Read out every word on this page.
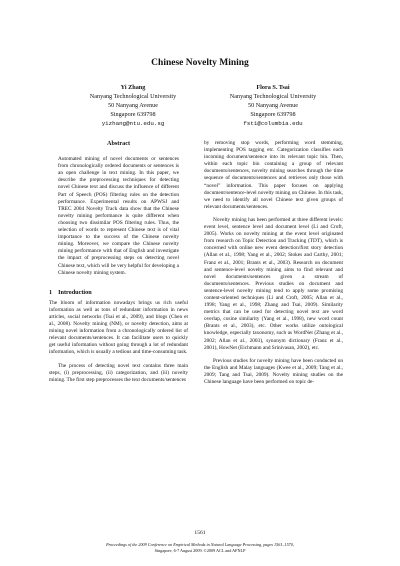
Chinese Novelty Mining
Yi Zhang
Nanyang Technological University
50 Nanyang Avenue
Singapore 639798
yizhang@ntu.edu.sg
Flora S. Tsai
Nanyang Technological University
50 Nanyang Avenue
Singapore 639798
fst1@columbia.edu
Abstract

Automated mining of novel documents or sentences from chronologically ordered documents or sentences is an open challenge in text mining. In this paper, we describe the preprocessing techniques for detecting novel Chinese text and discuss the influence of different Part of Speech (POS) filtering rules on the detection performance. Experimental results on APWSJ and TREC 2004 Novelty Track data show that the Chinese novelty mining performance is quite different when choosing two dissimilar POS filtering rules. Thus, the selection of words to represent Chinese text is of vital importance to the success of the Chinese novelty mining. Moreover, we compare the Chinese novelty mining performance with that of English and investigate the impact of preprocessing steps on detecting novel Chinese text, which will be very helpful for developing a Chinese novelty mining system.

1 Introduction

The bloom of information nowadays brings us rich useful information as well as tons of redundant information in news articles, social networks (Tsai et al., 2009), and blogs (Chen et al., 2008). Novelty mining (NM), or novelty detection, aims at mining novel information from a chronologically ordered list of relevant documents/sentences. It can facilitate users to quickly get useful information without going through a lot of redundant information, which is usually a tedious and time-consuming task.

The process of detecting novel text contains three main steps, (i) preprocessing, (ii) categorization, and (iii) novelty mining. The first step preprocesses the text documents/sentences

by removing stop words, performing word stemming, implementing POS tagging etc. Categorization classifies each incoming document/sentence into its relevant topic bin. Then, within each topic bin containing a group of relevant documents/sentences, novelty mining searches through the time sequence of documents/sentences and retrieves only those with “novel” information. This paper focuses on applying document/sentence-level novelty mining on Chinese. In this task, we need to identify all novel Chinese text given groups of relevant documents/sentences.

Novelty mining has been performed at three different levels: event level, sentence level and document level (Li and Croft, 2005). Works on novelty mining at the event level originated from research on Topic Detection and Tracking (TDT), which is concerned with online new event detection/first story detection (Allan et al., 1998; Yang et al., 2002; Stokes and Carthy, 2001; Franz et al., 2001; Brants et al., 2003). Research on document and sentence-level novelty mining aims to find relevant and novel documents/sentences given a stream of documents/sentences. Previous studies on document and sentence-level novelty mining tend to apply some promising content-oriented techniques (Li and Croft, 2005; Allan et al., 1998; Yang et al., 1998; Zhang and Tsai, 2009). Similarity metrics that can be used for detecting novel text are word overlap, cosine similarity (Yang et al., 1998), new word count (Brants et al., 2003), etc. Other works utilize ontological knowledge, especially taxonomy, such as WordNet (Zhang et al., 2002; Allan et al., 2003), synonym dictionary (Franz et al., 2001), HowNet (Eichmann and Srinivasan, 2002), etc.

Previous studies for novelty mining have been conducted on the English and Malay languages (Kwee et al., 2009; Tang et al., 2009; Tang and Tsai, 2009). Novelty mining studies on the Chinese language have been performed on topic de-

1561
Proceedings of the 2009 Conference on Empirical Methods in Natural Language Processing, pages 1561–1570,
Singapore, 6-7 August 2009. ©2009 ACL and AFNLP
